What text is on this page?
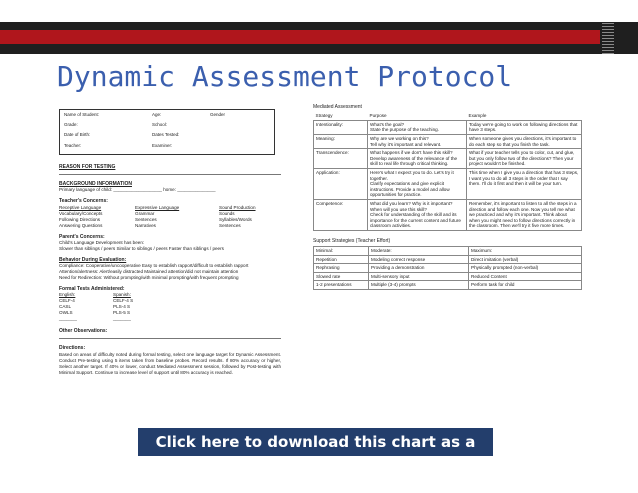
Dynamic Assessment Protocol
Name of Student:	Age:	Gender
Grade:	School:
Date of Birth:	Dates Tested:
Teacher:	Examiner:
REASON FOR TESTING
BACKGROUND INFORMATION
Primary language of child: ___________________ home: _______________
Teacher's Concerns:
Receptive Language	Expressive Language	Sound Production
Vocabulary/Concepts	Grammar	Sounds
Following Directions	Sentences	Syllables/Words
Answering Questions	Narratives	Sentences
Parent's Concerns:
Child's Language Development has been:
Slower than siblings / peers Similar to siblings / peers Faster than siblings / peers
Behavior During Evaluation:
Compliance: Cooperative/uncooperative Easy to establish rapport/difficult to establish rapport
Attention/alertness: Alert/easily distracted Maintained attention/did not maintain attention
Need for Redirection: Without prompting/with minimal prompting/with frequent prompting
Formal Tests Administered:
English:	Spanish:
CELF-4	CELF-4 S
CASL	PLS-4 S
OWLS	PLS-5 S
_______	_______
Other Observations:
Directions:
Based on areas of difficulty noted during formal testing, select one language target for Dynamic Assessment. Conduct Pre-testing using 5 items taken from baseline probes. Record results. If 80% accuracy or higher, Select another target. If 40% or lower, conduct Mediated Assessment session, followed by Post-testing with Minimal Support. Continue to increase level of support until 80% accuracy is reached.
Mediated Assessment
Strategy	Purpose	Example
Intentionality:	What's the goal?
State the purpose of the teaching.	Today we're going to work on following directions that have 3 steps.
Meaning:	Why are we working on this?
Tell why it's important and relevant.	When someone gives you directions, it's important to do each step so that you finish the task.
Transcendence:	What happens if we don't have this skill?
Develop awareness of the relevance of the skill to real life through critical thinking.	What if your teacher tells you to color, cut, and glue, but you only follow two of the directions? Then your project wouldn't be finished.
Application:	Here's what I expect you to do. Let's try it together.
Clarify expectations and give explicit instructions. Provide a model and allow opportunities for practice.	This time when I give you a direction that has 3 steps, I want you to do all 3 steps in the order that I say them. I'll do it first and then it will be your turn.
Competence:	What did you learn? Why is it important? When will you use this skill?
Check for understanding of the skill and its importance for the current content and future classroom activities.	Remember, it's important to listen to all the steps in a direction and follow each one. Now you tell me what we practiced and why it's important. Think about when you might need to follow directions correctly in the classroom. Then we'll try it five more times.
Support Strategies (Teacher Effort)
Minimal:	Moderate:	Maximum:
Repetition	Modeling correct response	Direct imitation (verbal)
Rephrasing	Providing a demonstration	Physically prompted (non-verbal)
Slowed rate	Multi-sensory input	Reduced Content
1-2 presentations	Multiple (3-4) prompts	Perform task for child
Click here to download this chart as a pdf.
